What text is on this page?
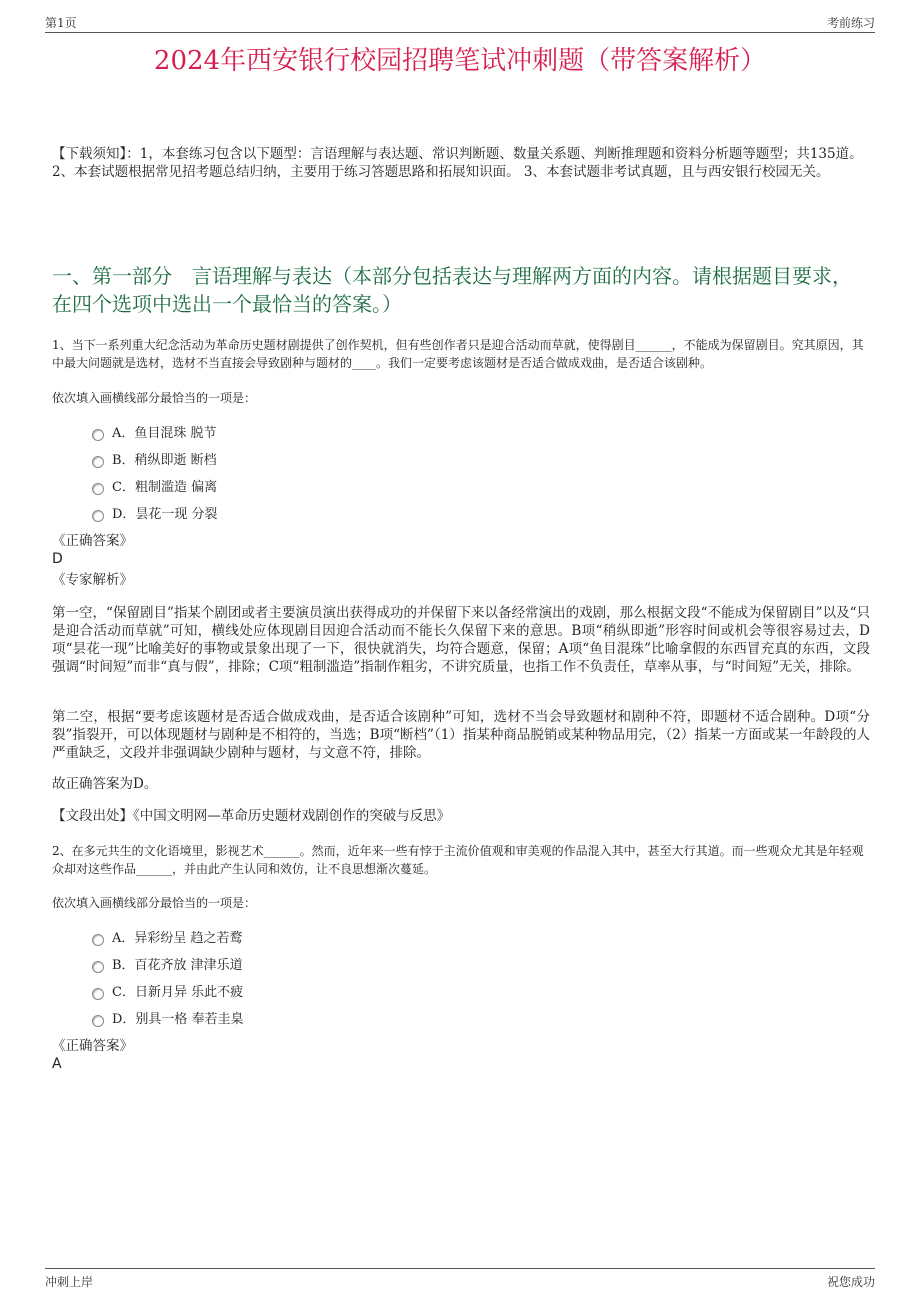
第1页	考前练习
2024年西安银行校园招聘笔试冲刺题（带答案解析）
【下载须知】：1，本套练习包含以下题型：言语理解与表达题、常识判断题、数量关系题、判断推理题和资料分析题等题型；共135道。 2、本套试题根据常见招考题总结归纳，主要用于练习答题思路和拓展知识面。 3、本套试题非考试真题，且与西安银行校园无关。
一、第一部分　言语理解与表达（本部分包括表达与理解两方面的内容。请根据题目要求，在四个选项中选出一个最恰当的答案。）
1、当下一系列重大纪念活动为革命历史题材剧提供了创作契机，但有些创作者只是迎合活动而草就，使得剧目______，不能成为保留剧目。究其原因，其中最大问题就是选材，选材不当直接会导致剧种与题材的____。我们一定要考虑该题材是否适合做成戏曲，是否适合该剧种。
依次填入画横线部分最恰当的一项是：
A．鱼目混珠 脱节
B．稍纵即逝 断档
C．粗制滥造 偏离
D．昙花一现 分裂
《正确答案》
D
《专家解析》
第一空，“保留剧目”指某个剧团或者主要演员演出获得成功的并保留下来以备经常演出的戏剧，那么根据文段“不能成为保留剧目”以及“只是迎合活动而草就”可知，横线处应体现剧目因迎合活动而不能长久保留下来的意思。B项“稍纵即逝”形容时间或机会等很容易过去，D项“昙花一现”比喻美好的事物或景象出现了一下，很快就消失，均符合题意，保留；A项“鱼目混珠”比喻拿假的东西冒充真的东西，文段强调“时间短”而非“真与假”，排除；C项“粗制滥造”指制作粗劣，不讲究质量，也指工作不负责任，草率从事，与“时间短”无关，排除。
第二空，根据“要考虑该题材是否适合做成戏曲，是否适合该剧种”可知，选材不当会导致题材和剧种不符，即题材不适合剧种。D项“分裂”指裂开，可以体现题材与剧种是不相符的，当选；B项“断档”（1）指某种商品脱销或某种物品用完，（2）指某一方面或某一年龄段的人严重缺乏，文段并非强调缺少剧种与题材，与文意不符，排除。
故正确答案为D。
【文段出处】《中国文明网—革命历史题材戏剧创作的突破与反思》
2、在多元共生的文化语境里，影视艺术______。然而，近年来一些有悖于主流价值观和审美观的作品混入其中，甚至大行其道。而一些观众尤其是年轻观众却对这些作品______，并由此产生认同和效仿，让不良思想渐次蔓延。
依次填入画横线部分最恰当的一项是：
A．异彩纷呈 趋之若鹜
B．百花齐放 津津乐道
C．日新月异 乐此不疲
D．别具一格 奉若圭臬
《正确答案》
A
冲刺上岸	祝您成功
